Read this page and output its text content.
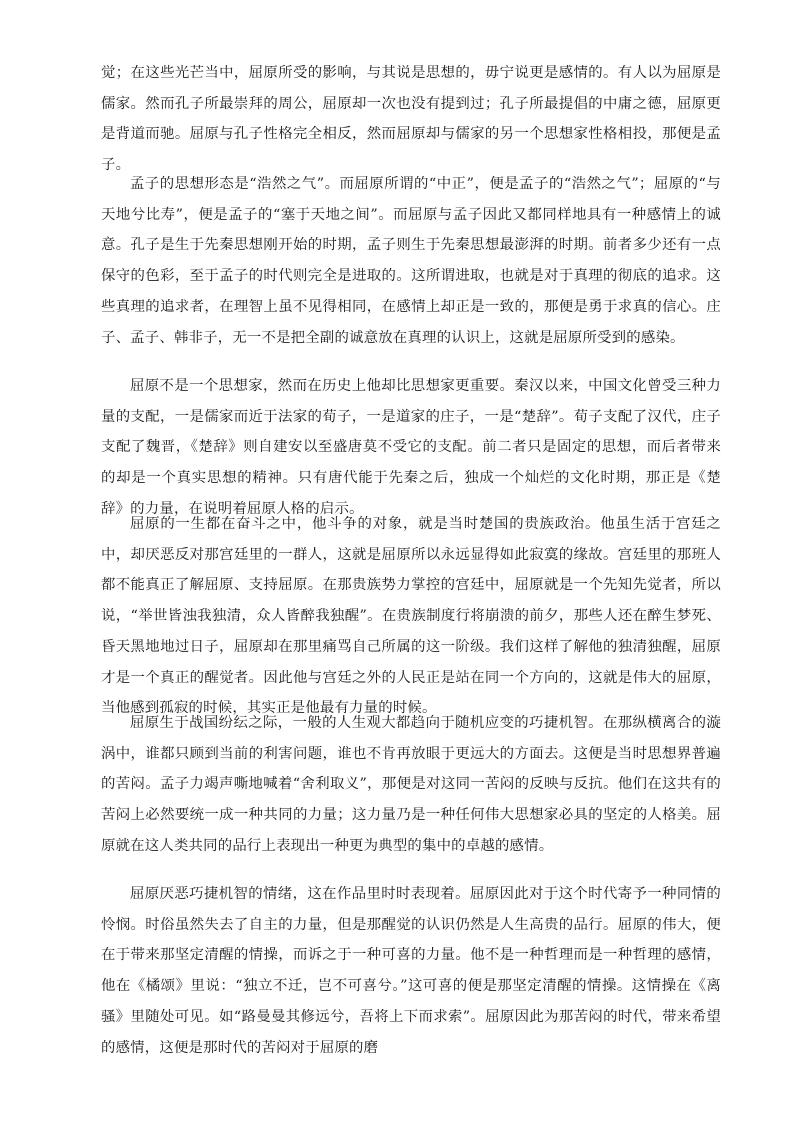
觉；在这些光芒当中，屈原所受的影响，与其说是思想的，毋宁说更是感情的。有人以为屈原是儒家。然而孔子所最崇拜的周公，屈原却一次也没有提到过；孔子所最提倡的中庸之德，屈原更是背道而驰。屈原与孔子性格完全相反，然而屈原却与儒家的另一个思想家性格相投，那便是孟子。

孟子的思想形态是“浩然之气”。而屈原所谓的“中正”，便是孟子的“浩然之气”；屈原的“与天地兮比寿”，便是孟子的“塞于天地之间”。而屈原与孟子因此又都同样地具有一种感情上的诚意。孔子是生于先秦思想刚开始的时期，孟子则生于先秦思想最澎湃的时期。前者多少还有一点保守的色彩，至于孟子的时代则完全是进取的。这所谓进取，也就是对于真理的彻底的追求。这些真理的追求者，在理智上虽不见得相同，在感情上却正是一致的，那便是勇于求真的信心。庄子、孟子、韩非子，无一不是把全副的诚意放在真理的认识上，这就是屈原所受到的感染。

屈原不是一个思想家，然而在历史上他却比思想家更重要。秦汉以来，中国文化曾受三种力量的支配，一是儒家而近于法家的荀子，一是道家的庄子，一是“楚辞”。荀子支配了汉代，庄子支配了魏晋，《楚辞》则自建安以至盛唐莫不受它的支配。前二者只是固定的思想，而后者带来的却是一个真实思想的精神。只有唐代能于先秦之后，独成一个灿烂的文化时期，那正是《楚辞》的力量，在说明着屈原人格的启示。

屈原的一生都在奋斗之中，他斗争的对象，就是当时楚国的贵族政治。他虽生活于宫廷之中，却厌恶反对那宫廷里的一群人，这就是屈原所以永远显得如此寂寞的缘故。宫廷里的那班人都不能真正了解屈原、支持屈原。在那贵族势力掌控的宫廷中，屈原就是一个先知先觉者，所以说，“举世皆浊我独清，众人皆醉我独醒”。在贵族制度行将崩溃的前夕，那些人还在醉生梦死、昏天黑地地过日子，屈原却在那里痛骂自己所属的这一阶级。我们这样了解他的独清独醒，屈原才是一个真正的醒觉者。因此他与宫廷之外的人民正是站在同一个方向的，这就是伟大的屈原，当他感到孤寂的时候，其实正是他最有力量的时候。

屈原生于战国纷纭之际，一般的人生观大都趋向于随机应变的巧捷机智。在那纵横离合的漩涡中，谁都只顾到当前的利害问题，谁也不肯再放眼于更远大的方面去。这便是当时思想界普遍的苦闷。孟子力竭声嘶地喊着“舍利取义”，那便是对这同一苦闷的反映与反抗。他们在这共有的苦闷上必然要统一成一种共同的力量；这力量乃是一种任何伟大思想家必具的坚定的人格美。屈原就在这人类共同的品行上表现出一种更为典型的集中的卓越的感情。

屈原厌恶巧捷机智的情绪，这在作品里时时表现着。屈原因此对于这个时代寄予一种同情的怜悯。时俗虽然失去了自主的力量，但是那醒觉的认识仍然是人生高贵的品行。屈原的伟大，便在于带来那坚定清醒的情操，而诉之于一种可喜的力量。他不是一种哲理而是一种哲理的感情，他在《橘颂》里说：“独立不迁，岂不可喜兮。”这可喜的便是那坚定清醒的情操。这情操在《离骚》里随处可见。如“路曼曼其修远兮，吾将上下而求索”。屈原因此为那苦闷的时代，带来希望的感情，这便是那时代的苦闷对于屈原的磨
